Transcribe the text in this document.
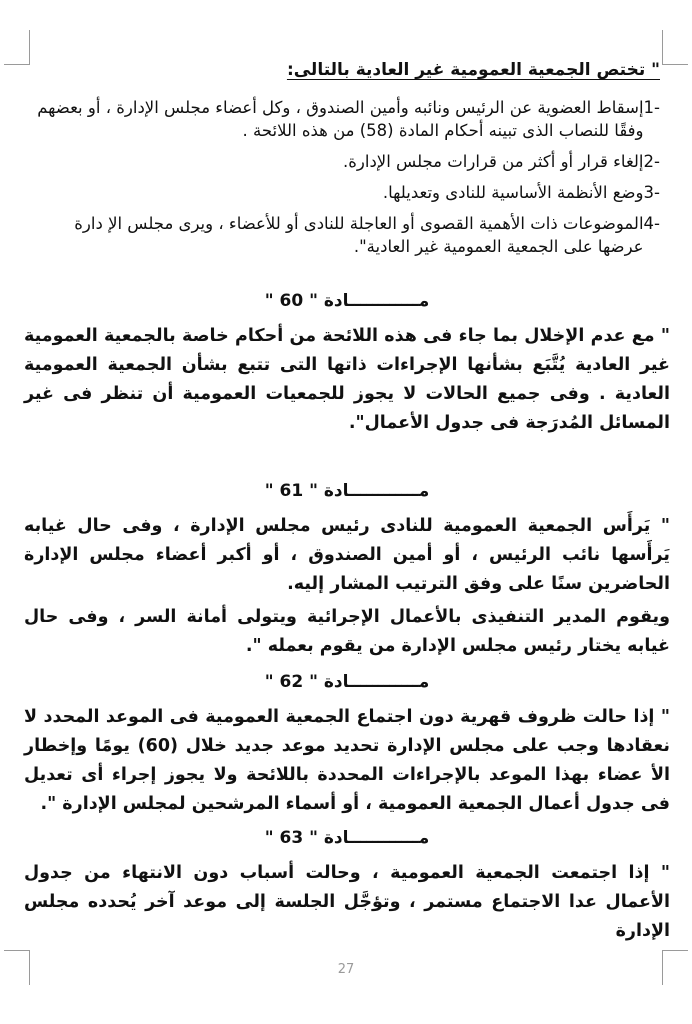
" تختص الجمعية العمومية غير العادية بالتالى:
-1
إسقاط العضوية عن الرئيس ونائبه وأمين الصندوق ، وكل أعضاء مجلس الإدارة ، أو بعضهم وفقًا للنصاب الذى تبينه أحكام المادة (58) من هذه اللائحة .
-2
إلغاء قرار أو أكثر من قرارات مجلس الإدارة.
-3
وضع الأنظمة الأساسية للنادى وتعديلها.
-4
الموضوعات ذات الأهمية القصوى أو العاجلة للنادى أو للأعضاء ، ويرى مجلس الإ دارة عرضها على الجمعية العمومية غير العادية".
مــــــــــــادة " 60 "

" مع عدم الإخلال بما جاء فى هذه اللائحة من أحكام خاصة بالجمعية العمومية غير العادية يُتَّبَع بشأنها الإجراءات ذاتها التى تتبع بشأن الجمعية العمومية العادية . وفى جميع الحالات لا يجوز للجمعيات العمومية أن تنظر فى غير المسائل المُدرَجة فى جدول الأعمال".

مــــــــــــادة " 61 "

" يَرأَس الجمعية العمومية للنادى رئيس مجلس الإدارة ، وفى حال غيابه يَرأَسها نائب الرئيس ، أو أمين الصندوق ، أو أكبر أعضاء مجلس الإدارة الحاضرين سنًا على وفق الترتيب المشار إليه.

ويقوم المدير التنفيذى بالأعمال الإجرائية ويتولى أمانة السر ، وفى حال غيابه يختار رئيس مجلس الإدارة من يقوم بعمله ".

مــــــــــــادة " 62 "

" إذا حالت ظروف قهرية دون اجتماع الجمعية العمومية فى الموعد المحدد لا نعقادها وجب على مجلس الإدارة تحديد موعد جديد خلال (60) يومًا وإخطار الأ عضاء بهذا الموعد بالإجراءات المحددة باللائحة ولا يجوز إجراء أى تعديل فى جدول أعمال الجمعية العمومية ، أو أسماء المرشحين لمجلس الإدارة ".

مــــــــــــادة " 63 "

" إذا اجتمعت الجمعية العمومية ، وحالت أسباب دون الانتهاء من جدول الأعمال عدا الاجتماع مستمر ، وتؤجَّل الجلسة إلى موعد آخر يُحدده مجلس الإدارة

27
